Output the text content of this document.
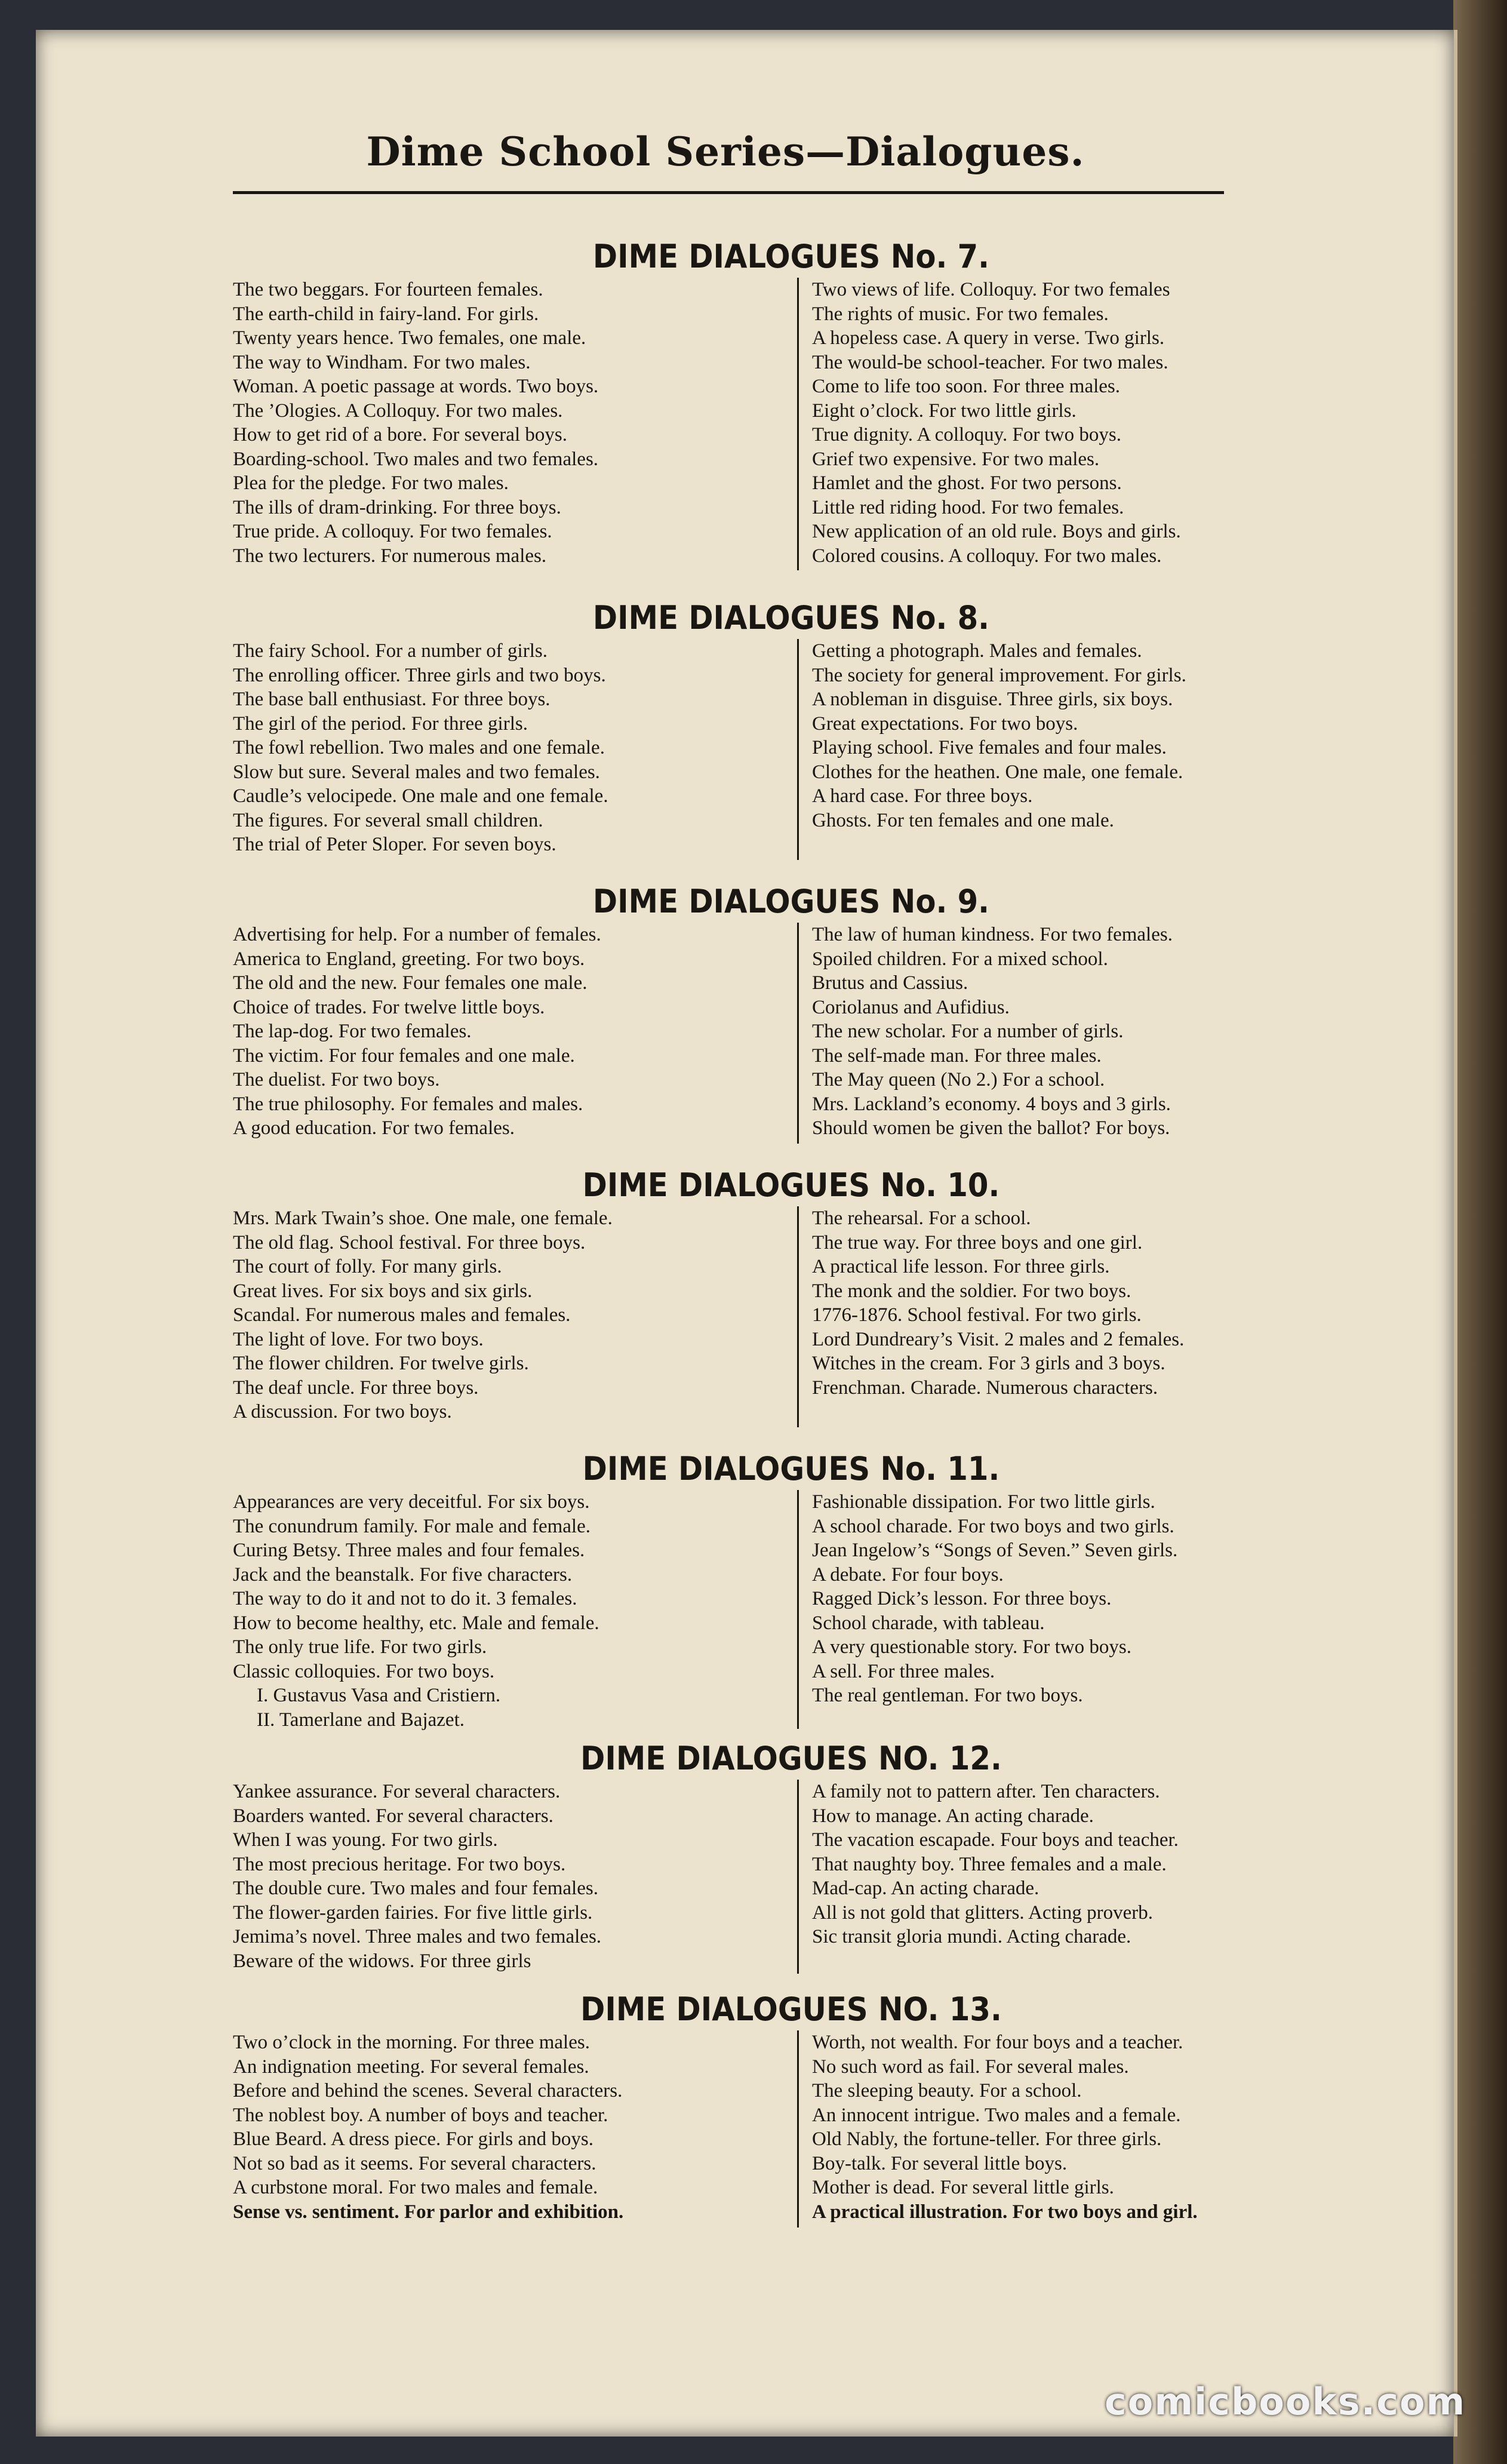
Dime School Series—Dialogues.
DIME DIALOGUES No. 7.
The two beggars. For fourteen females.
The earth-child in fairy-land. For girls.
Twenty years hence. Two females, one male.
The way to Windham. For two males.
Woman. A poetic passage at words. Two boys.
The ’Ologies. A Colloquy. For two males.
How to get rid of a bore. For several boys.
Boarding-school. Two males and two females.
Plea for the pledge. For two males.
The ills of dram-drinking. For three boys.
True pride. A colloquy. For two females.
The two lecturers. For numerous males.
Two views of life. Colloquy. For two females
The rights of music. For two females.
A hopeless case. A query in verse. Two girls.
The would-be school-teacher. For two males.
Come to life too soon. For three males.
Eight o’clock. For two little girls.
True dignity. A colloquy. For two boys.
Grief two expensive. For two males.
Hamlet and the ghost. For two persons.
Little red riding hood. For two females.
New application of an old rule. Boys and girls.
Colored cousins. A colloquy. For two males.
DIME DIALOGUES No. 8.
The fairy School. For a number of girls.
The enrolling officer. Three girls and two boys.
The base ball enthusiast. For three boys.
The girl of the period. For three girls.
The fowl rebellion. Two males and one female.
Slow but sure. Several males and two females.
Caudle’s velocipede. One male and one female.
The figures. For several small children.
The trial of Peter Sloper. For seven boys.
Getting a photograph. Males and females.
The society for general improvement. For girls.
A nobleman in disguise. Three girls, six boys.
Great expectations. For two boys.
Playing school. Five females and four males.
Clothes for the heathen. One male, one female.
A hard case. For three boys.
Ghosts. For ten females and one male.
DIME DIALOGUES No. 9.
Advertising for help. For a number of females.
America to England, greeting. For two boys.
The old and the new. Four females one male.
Choice of trades. For twelve little boys.
The lap-dog. For two females.
The victim. For four females and one male.
The duelist. For two boys.
The true philosophy. For females and males.
A good education. For two females.
The law of human kindness. For two females.
Spoiled children. For a mixed school.
Brutus and Cassius.
Coriolanus and Aufidius.
The new scholar. For a number of girls.
The self-made man. For three males.
The May queen (No 2.) For a school.
Mrs. Lackland’s economy. 4 boys and 3 girls.
Should women be given the ballot? For boys.
DIME DIALOGUES No. 10.
Mrs. Mark Twain’s shoe. One male, one female.
The old flag. School festival. For three boys.
The court of folly. For many girls.
Great lives. For six boys and six girls.
Scandal. For numerous males and females.
The light of love. For two boys.
The flower children. For twelve girls.
The deaf uncle. For three boys.
A discussion. For two boys.
The rehearsal. For a school.
The true way. For three boys and one girl.
A practical life lesson. For three girls.
The monk and the soldier. For two boys.
1776-1876. School festival. For two girls.
Lord Dundreary’s Visit. 2 males and 2 females.
Witches in the cream. For 3 girls and 3 boys.
Frenchman. Charade. Numerous characters.
DIME DIALOGUES No. 11.
Appearances are very deceitful. For six boys.
The conundrum family. For male and female.
Curing Betsy. Three males and four females.
Jack and the beanstalk. For five characters.
The way to do it and not to do it. 3 females.
How to become healthy, etc. Male and female.
The only true life. For two girls.
Classic colloquies. For two boys.
I. Gustavus Vasa and Cristiern.
II. Tamerlane and Bajazet.
Fashionable dissipation. For two little girls.
A school charade. For two boys and two girls.
Jean Ingelow’s “Songs of Seven.” Seven girls.
A debate. For four boys.
Ragged Dick’s lesson. For three boys.
School charade, with tableau.
A very questionable story. For two boys.
A sell. For three males.
The real gentleman. For two boys.
DIME DIALOGUES NO. 12.
Yankee assurance. For several characters.
Boarders wanted. For several characters.
When I was young. For two girls.
The most precious heritage. For two boys.
The double cure. Two males and four females.
The flower-garden fairies. For five little girls.
Jemima’s novel. Three males and two females.
Beware of the widows. For three girls
A family not to pattern after. Ten characters.
How to manage. An acting charade.
The vacation escapade. Four boys and teacher.
That naughty boy. Three females and a male.
Mad-cap. An acting charade.
All is not gold that glitters. Acting proverb.
Sic transit gloria mundi. Acting charade.
DIME DIALOGUES NO. 13.
Two o’clock in the morning. For three males.
An indignation meeting. For several females.
Before and behind the scenes. Several characters.
The noblest boy. A number of boys and teacher.
Blue Beard. A dress piece. For girls and boys.
Not so bad as it seems. For several characters.
A curbstone moral. For two males and female.
Sense vs. sentiment. For parlor and exhibition.
Worth, not wealth. For four boys and a teacher.
No such word as fail. For several males.
The sleeping beauty. For a school.
An innocent intrigue. Two males and a female.
Old Nably, the fortune-teller. For three girls.
Boy-talk. For several little boys.
Mother is dead. For several little girls.
A practical illustration. For two boys and girl.
comicbooks.com
